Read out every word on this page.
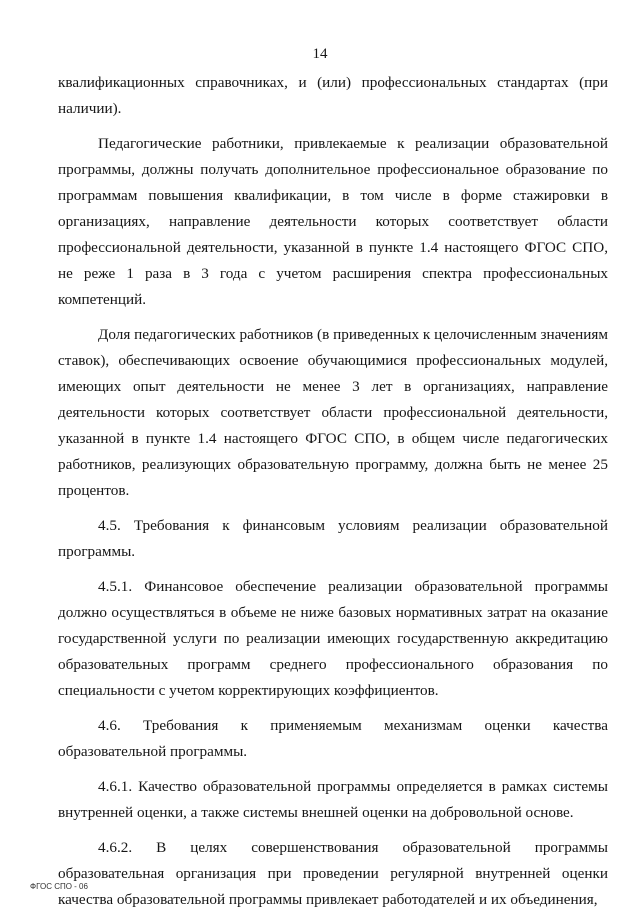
14

квалификационных справочниках, и (или) профессиональных стандартах (при наличии).

Педагогические работники, привлекаемые к реализации образовательной программы, должны получать дополнительное профессиональное образование по программам повышения квалификации, в том числе в форме стажировки в организациях, направление деятельности которых соответствует области профессиональной деятельности, указанной в пункте 1.4 настоящего ФГОС СПО, не реже 1 раза в 3 года с учетом расширения спектра профессиональных компетенций.

Доля педагогических работников (в приведенных к целочисленным значениям ставок), обеспечивающих освоение обучающимися профессиональных модулей, имеющих опыт деятельности не менее 3 лет в организациях, направление деятельности которых соответствует области профессиональной деятельности, указанной в пункте 1.4 настоящего ФГОС СПО, в общем числе педагогических работников, реализующих образовательную программу, должна быть не менее 25 процентов.

4.5. Требования к финансовым условиям реализации образовательной программы.

4.5.1. Финансовое обеспечение реализации образовательной программы должно осуществляться в объеме не ниже базовых нормативных затрат на оказание государственной услуги по реализации имеющих государственную аккредитацию образовательных программ среднего профессионального образования по специальности с учетом корректирующих коэффициентов.

4.6. Требования к применяемым механизмам оценки качества образовательной программы.

4.6.1. Качество образовательной программы определяется в рамках системы внутренней оценки, а также системы внешней оценки на добровольной основе.

4.6.2. В целях совершенствования образовательной программы образовательная организация при проведении регулярной внутренней оценки качества образовательной программы привлекает работодателей и их объединения,

ФГОС СПО - 06
